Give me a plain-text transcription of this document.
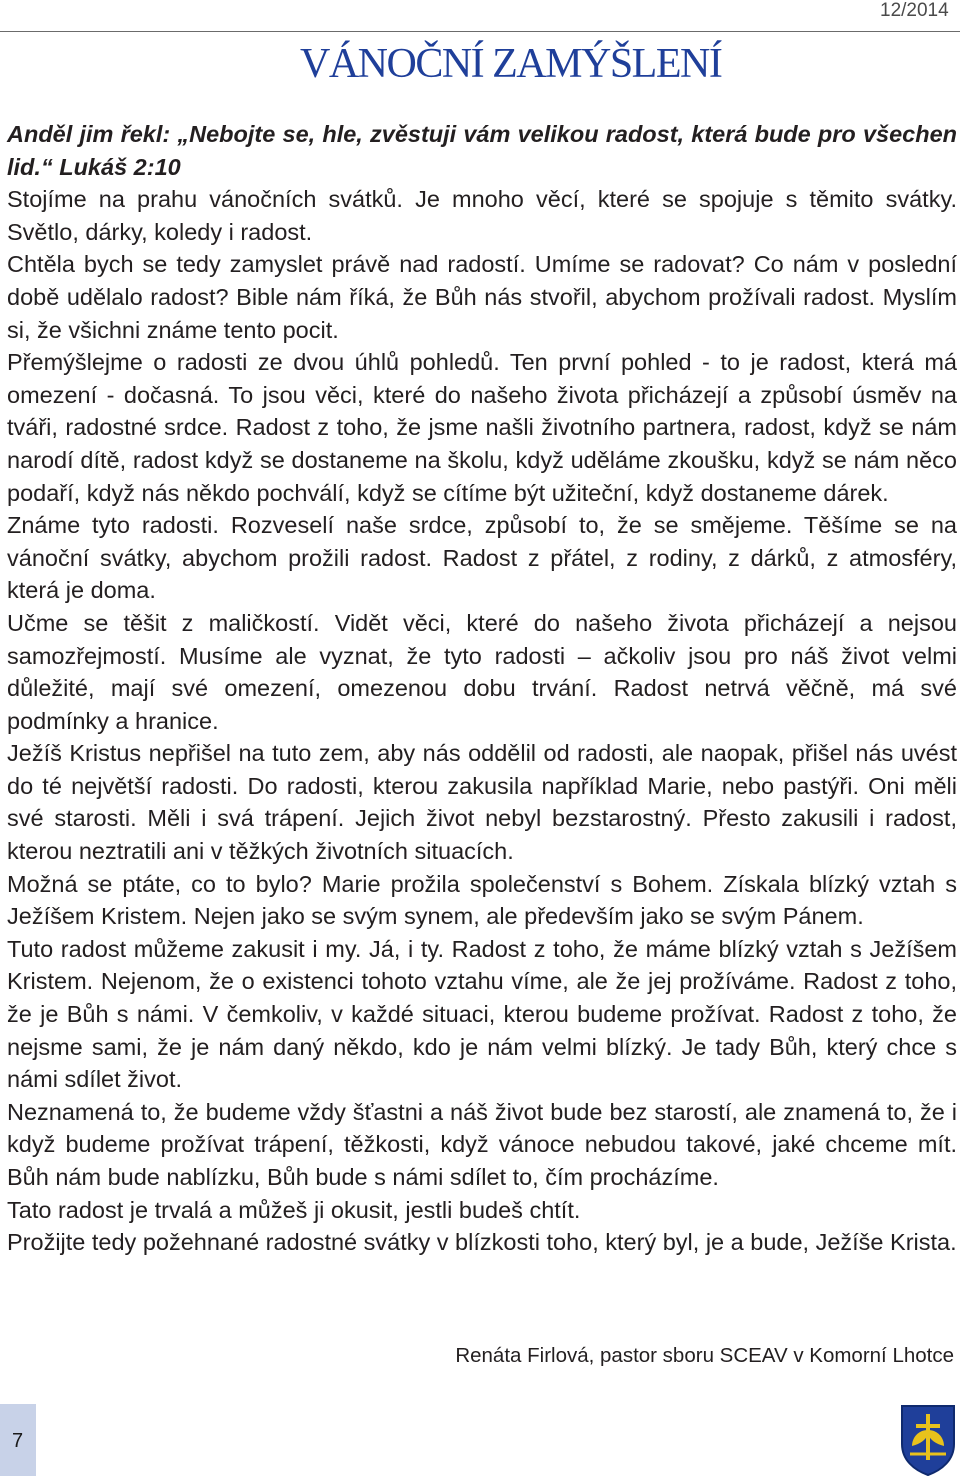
12/2014
VÁNOČNÍ ZAMÝŠLENÍ

Anděl jim řekl: „Nebojte se, hle, zvěstuji vám velikou radost, která bude pro všechen lid.“ Lukáš 2:10

Stojíme na prahu vánočních svátků. Je mnoho věcí, které se spojuje s těmito svátky. Světlo, dárky, koledy i radost.

Chtěla bych se tedy zamyslet právě nad radostí. Umíme se radovat? Co nám v poslední době udělalo radost? Bible nám říká, že Bůh nás stvořil, abychom prožívali radost. Myslím si, že všichni známe tento pocit.

Přemýšlejme o radosti ze dvou úhlů pohledů. Ten první pohled - to je radost, která má omezení - dočasná. To jsou věci, které do našeho života přicházejí a způsobí úsměv na tváři, radostné srdce. Radost z toho, že jsme našli životního partnera, radost, když se nám narodí dítě, radost když se dostaneme na školu, když uděláme zkoušku, když se nám něco podaří, když nás někdo pochválí, když se cítíme být užiteční, když dostaneme dárek.

Známe tyto radosti. Rozveselí naše srdce, způsobí to, že se smějeme. Těšíme se na vánoční svátky, abychom prožili radost. Radost z přátel, z rodiny, z dárků, z atmosféry, která je doma.

Učme se těšit z maličkostí. Vidět věci, které do našeho života přicházejí a nejsou samozřejmostí. Musíme ale vyznat, že tyto radosti – ačkoliv jsou pro náš život velmi důležité, mají své omezení, omezenou dobu trvání. Radost netrvá věčně, má své podmínky a hranice.

Ježíš Kristus nepřišel na tuto zem, aby nás oddělil od radosti, ale naopak, přišel nás uvést do té největší radosti. Do radosti, kterou zakusila například Marie, nebo pastýři. Oni měli své starosti. Měli i svá trápení. Jejich život nebyl bezstarostný. Přesto zakusili i radost, kterou neztratili ani v těžkých životních situacích.

Možná se ptáte, co to bylo? Marie prožila společenství s Bohem. Získala blízký vztah s Ježíšem Kristem. Nejen jako se svým synem, ale především jako se svým Pánem.

Tuto radost můžeme zakusit i my. Já, i ty. Radost z toho, že máme blízký vztah s Ježíšem Kristem. Nejenom, že o existenci tohoto vztahu víme, ale že jej prožíváme. Radost z toho, že je Bůh s námi. V čemkoliv, v každé situaci, kterou budeme prožívat. Radost z toho, že nejsme sami, že je nám daný někdo, kdo je nám velmi blízký. Je tady Bůh, který chce s námi sdílet život.

Neznamená to, že budeme vždy šťastni a náš život bude bez starostí, ale znamená to, že i když budeme prožívat trápení, těžkosti, když vánoce nebudou takové, jaké chceme mít. Bůh nám bude nablízku, Bůh bude s námi sdílet to, čím procházíme.

Tato radost je trvalá a můžeš ji okusit, jestli budeš chtít.

Prožijte tedy požehnané radostné svátky v blízkosti toho, který byl, je a bude, Ježíše Krista.

Renáta Firlová, pastor sboru SCEAV v Komorní Lhotce
7
